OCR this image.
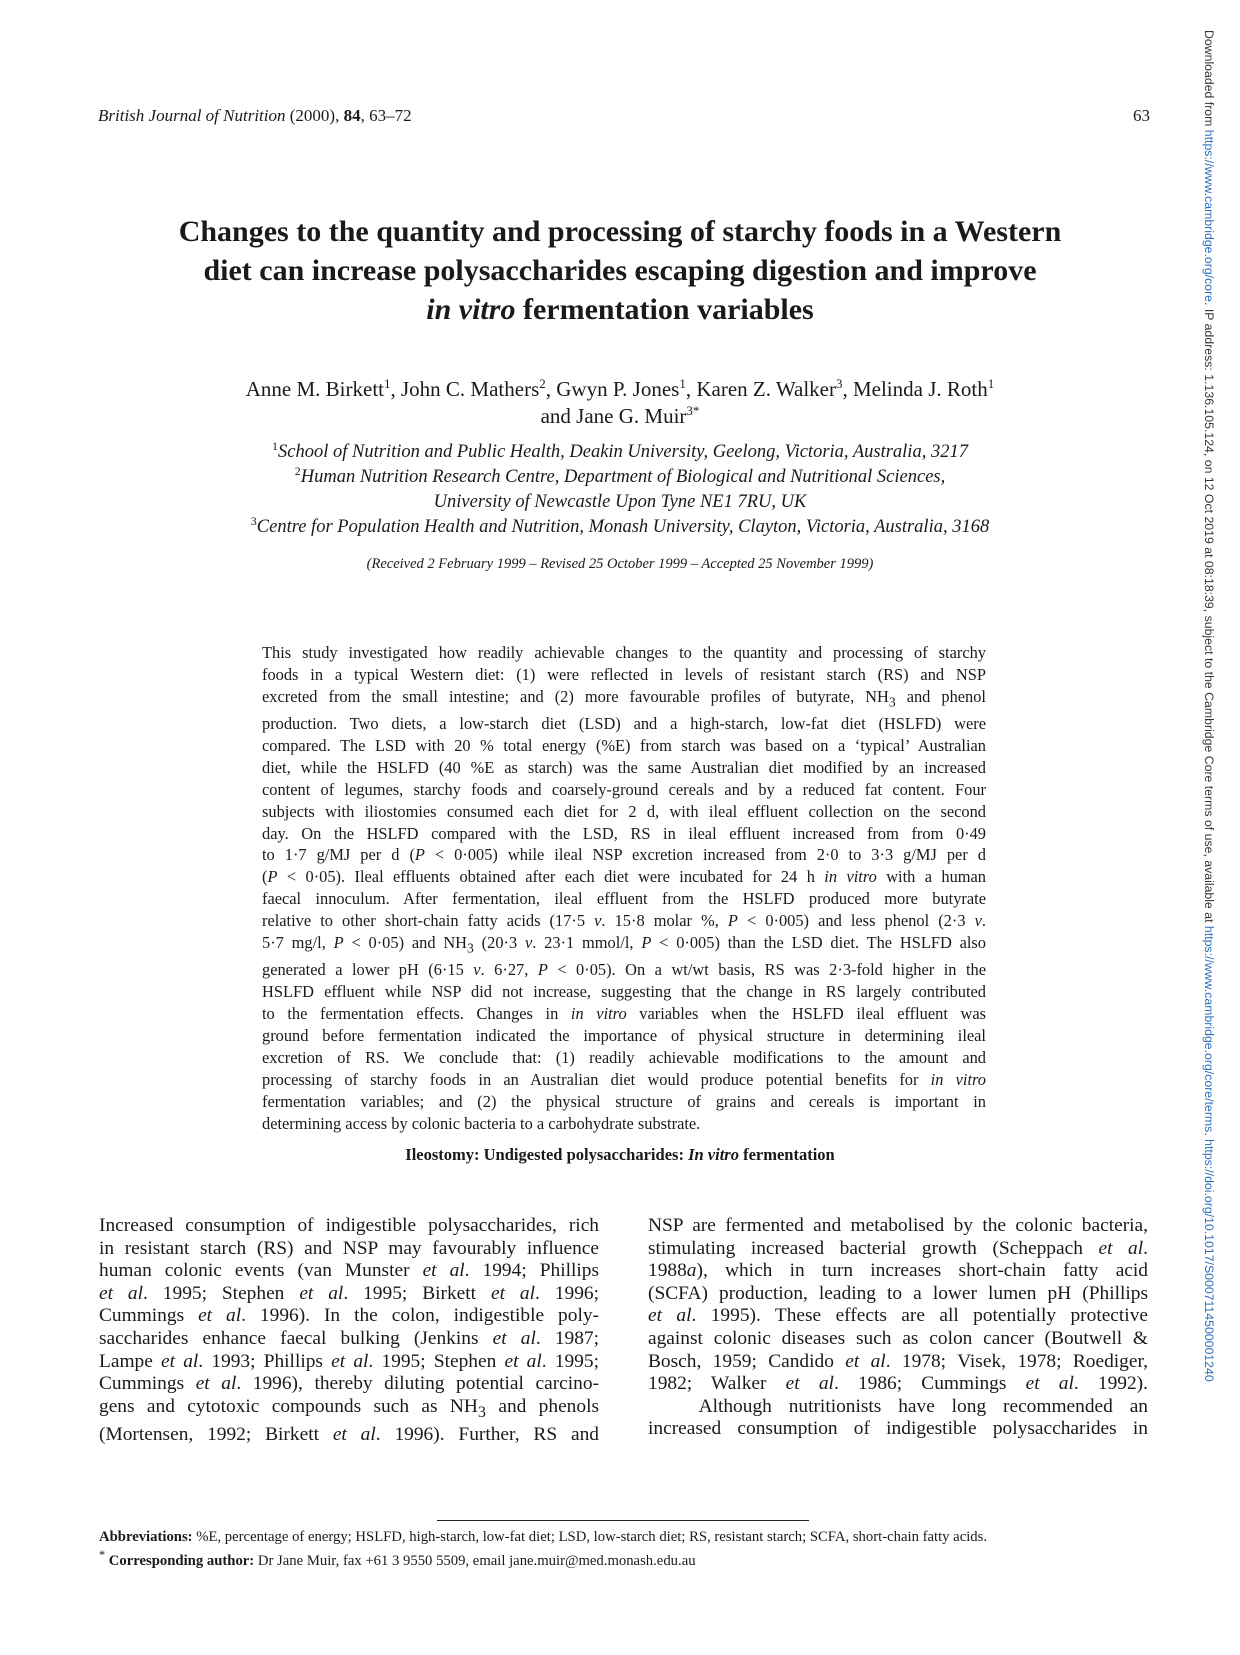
British Journal of Nutrition (2000), 84, 63–72	63
Changes to the quantity and processing of starchy foods in a Western
diet can increase polysaccharides escaping digestion and improve
in vitro fermentation variables
Anne M. Birkett$^1$, John C. Mathers$^2$, Gwyn P. Jones$^1$, Karen Z. Walker$^3$, Melinda J. Roth$^1$
and Jane G. Muir$^{3*}$
$^1$School of Nutrition and Public Health, Deakin University, Geelong, Victoria, Australia, 3217
$^2$Human Nutrition Research Centre, Department of Biological and Nutritional Sciences,
University of Newcastle Upon Tyne NE1 7RU, UK
$^3$Centre for Population Health and Nutrition, Monash University, Clayton, Victoria, Australia, 3168
(Received 2 February 1999 – Revised 25 October 1999 – Accepted 25 November 1999)
This study investigated how readily achievable changes to the quantity and processing of starchy
foods in a typical Western diet: (1) were reflected in levels of resistant starch (RS) and NSP
excreted from the small intestine; and (2) more favourable profiles of butyrate, $NH_3$ and phenol
production. Two diets, a low-starch diet (LSD) and a high-starch, low-fat diet (HSLFD) were
compared. The LSD with 20 % total energy (%E) from starch was based on a ‘typical’ Australian
diet, while the HSLFD (40 %E as starch) was the same Australian diet modified by an increased
content of legumes, starchy foods and coarsely-ground cereals and by a reduced fat content. Four
subjects with iliostomies consumed each diet for 2 d, with ileal effluent collection on the second
day. On the HSLFD compared with the LSD, RS in ileal effluent increased from from 0·49
to 1·7 g/MJ per d (P < 0·005) while ileal NSP excretion increased from 2·0 to 3·3 g/MJ per d
(P < 0·05). Ileal effluents obtained after each diet were incubated for 24 h in vitro with a human
faecal innoculum. After fermentation, ileal effluent from the HSLFD produced more butyrate
relative to other short-chain fatty acids (17·5 v. 15·8 molar %, P < 0·005) and less phenol (2·3 v.
5·7 mg/l, P < 0·05) and $NH_3$ (20·3 v. 23·1 mmol/l, P < 0·005) than the LSD diet. The HSLFD also
generated a lower pH (6·15 v. 6·27, P < 0·05). On a wt/wt basis, RS was 2·3-fold higher in the
HSLFD effluent while NSP did not increase, suggesting that the change in RS largely contributed
to the fermentation effects. Changes in in vitro variables when the HSLFD ileal effluent was
ground before fermentation indicated the importance of physical structure in determining ileal
excretion of RS. We conclude that: (1) readily achievable modifications to the amount and
processing of starchy foods in an Australian diet would produce potential benefits for in vitro
fermentation variables; and (2) the physical structure of grains and cereals is important in
determining access by colonic bacteria to a carbohydrate substrate.
Ileostomy: Undigested polysaccharides: In vitro fermentation
Increased consumption of indigestible polysaccharides, rich
in resistant starch (RS) and NSP may favourably influence
human colonic events (van Munster et al. 1994; Phillips
et al. 1995; Stephen et al. 1995; Birkett et al. 1996;
Cummings et al. 1996). In the colon, indigestible poly-
saccharides enhance faecal bulking (Jenkins et al. 1987;
Lampe et al. 1993; Phillips et al. 1995; Stephen et al. 1995;
Cummings et al. 1996), thereby diluting potential carcino-
gens and cytotoxic compounds such as $NH_3$ and phenols
(Mortensen, 1992; Birkett et al. 1996). Further, RS and
NSP are fermented and metabolised by the colonic bacteria,
stimulating increased bacterial growth (Scheppach et al.
1988a), which in turn increases short-chain fatty acid
(SCFA) production, leading to a lower lumen pH (Phillips
et al. 1995). These effects are all potentially protective
against colonic diseases such as colon cancer (Boutwell &
Bosch, 1959; Candido et al. 1978; Visek, 1978; Roediger,
1982; Walker et al. 1986; Cummings et al. 1992).
Although nutritionists have long recommended an
increased consumption of indigestible polysaccharides in
Abbreviations: %E, percentage of energy; HSLFD, high-starch, low-fat diet; LSD, low-starch diet; RS, resistant starch; SCFA, short-chain fatty acids.
* Corresponding author: Dr Jane Muir, fax +61 3 9550 5509, email jane.muir@med.monash.edu.au
Downloaded from https://www.cambridge.org/core. IP address: 1.136.105.124, on 12 Oct 2019 at 08:18:39, subject to the Cambridge Core terms of use, available at https://www.cambridge.org/core/terms. https://doi.org/10.1017/S0007114500001240
